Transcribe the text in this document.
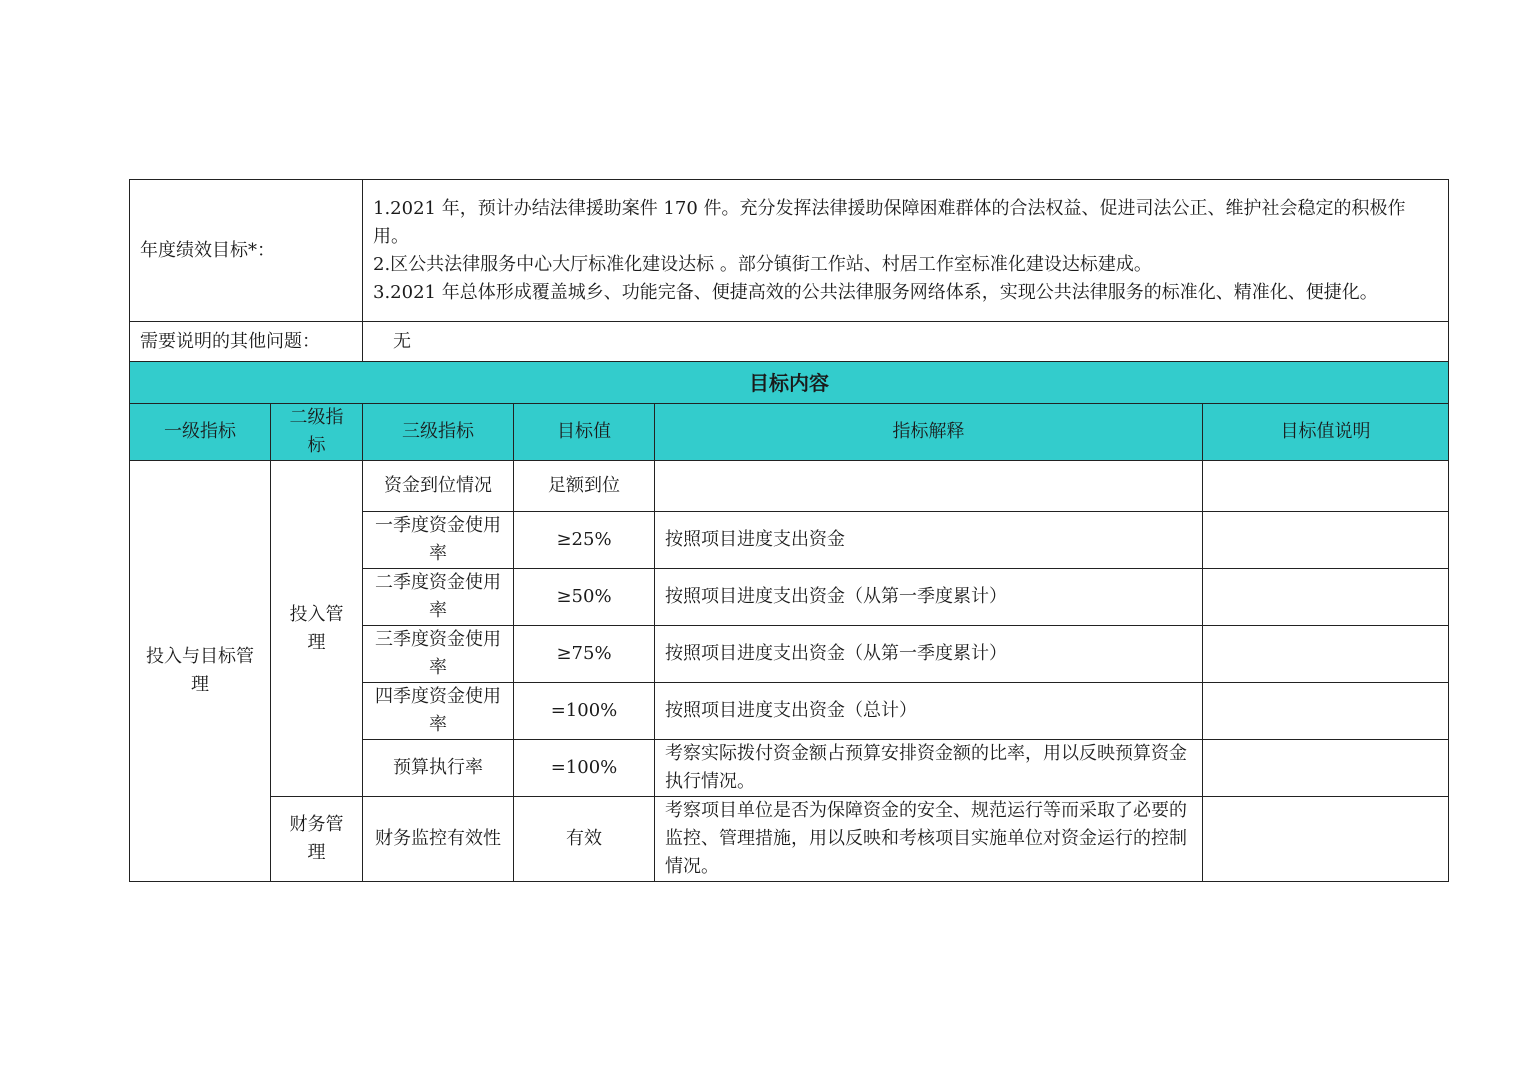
年度绩效目标*：		1.2021 年，预计办结法律援助案件 170 件。充分发挥法律援助保障困难群体的合法权益、促进司法公正、维护社会稳定的积极作用。
2.区公共法律服务中心大厅标准化建设达标 。部分镇街工作站、村居工作室标准化建设达标建成。
3.2021 年总体形成覆盖城乡、功能完备、便捷高效的公共法律服务网络体系，实现公共法律服务的标准化、精准化、便捷化。			

需要说明的其他问题：		无			
目标内容					
一级指标	二级指标	三级指标	目标值	指标解释	目标值说明
投入与目标管理	投入管理	资金到位情况	足额到位		
		一季度资金使用率	≥25%	按照项目进度支出资金	
		二季度资金使用率	≥50%	按照项目进度支出资金（从第一季度累计）	
		三季度资金使用率	≥75%	按照项目进度支出资金（从第一季度累计）	
		四季度资金使用率	=100%	按照项目进度支出资金（总计）	
		预算执行率	=100%	考察实际拨付资金额占预算安排资金额的比率，用以反映预算资金执行情况。	
	财务管理	财务监控有效性	有效	考察项目单位是否为保障资金的安全、规范运行等而采取了必要的监控、管理措施，用以反映和考核项目实施单位对资金运行的控制情况。	
